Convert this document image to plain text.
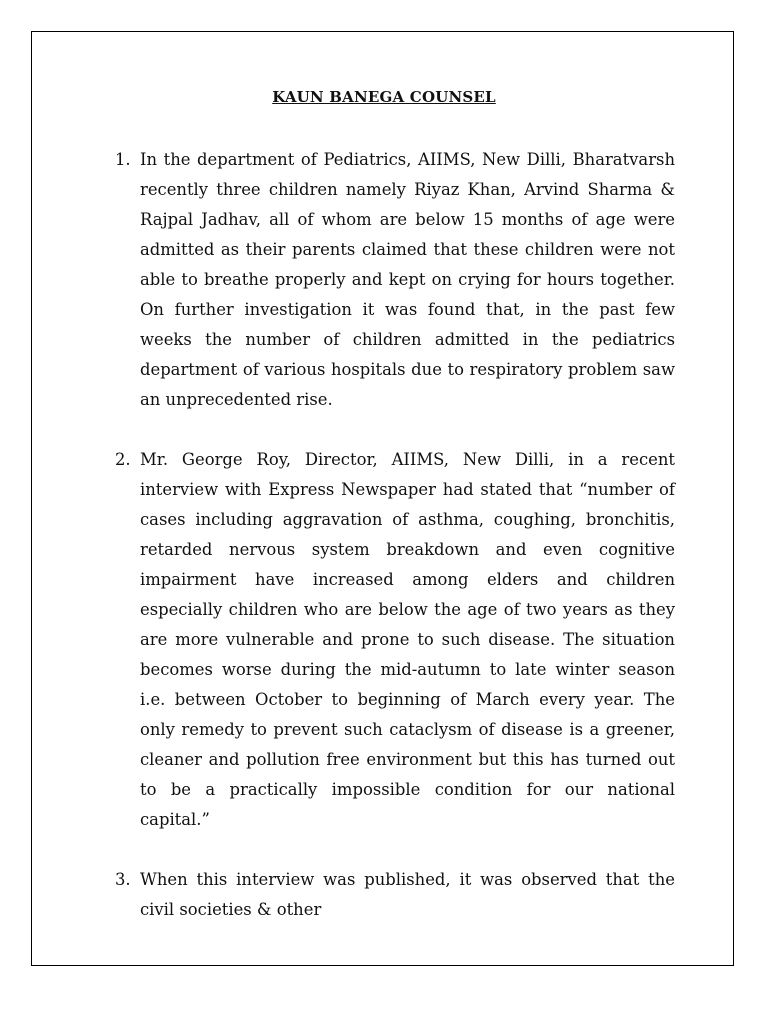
KAUN BANEGA COUNSEL
1. In the department of Pediatrics, AIIMS, New Dilli, Bharatvarsh recently three children namely Riyaz Khan, Arvind Sharma & Rajpal Jadhav, all of whom are below 15 months of age were admitted as their parents claimed that these children were not able to breathe properly and kept on crying for hours together. On further investigation it was found that, in the past few weeks the number of children admitted in the pediatrics department of various hospitals due to respiratory problem saw an unprecedented rise.
2. Mr. George Roy, Director, AIIMS, New Dilli, in a recent interview with Express Newspaper had stated that “number of cases including aggravation of asthma, coughing, bronchitis, retarded nervous system breakdown and even cognitive impairment have increased among elders and children especially children who are below the age of two years as they are more vulnerable and prone to such disease. The situation becomes worse during the mid-autumn to late winter season i.e. between October to beginning of March every year. The only remedy to prevent such cataclysm of disease is a greener, cleaner and pollution free environment but this has turned out to be a practically impossible condition for our national capital.”
3. When this interview was published, it was observed that the civil societies & other
